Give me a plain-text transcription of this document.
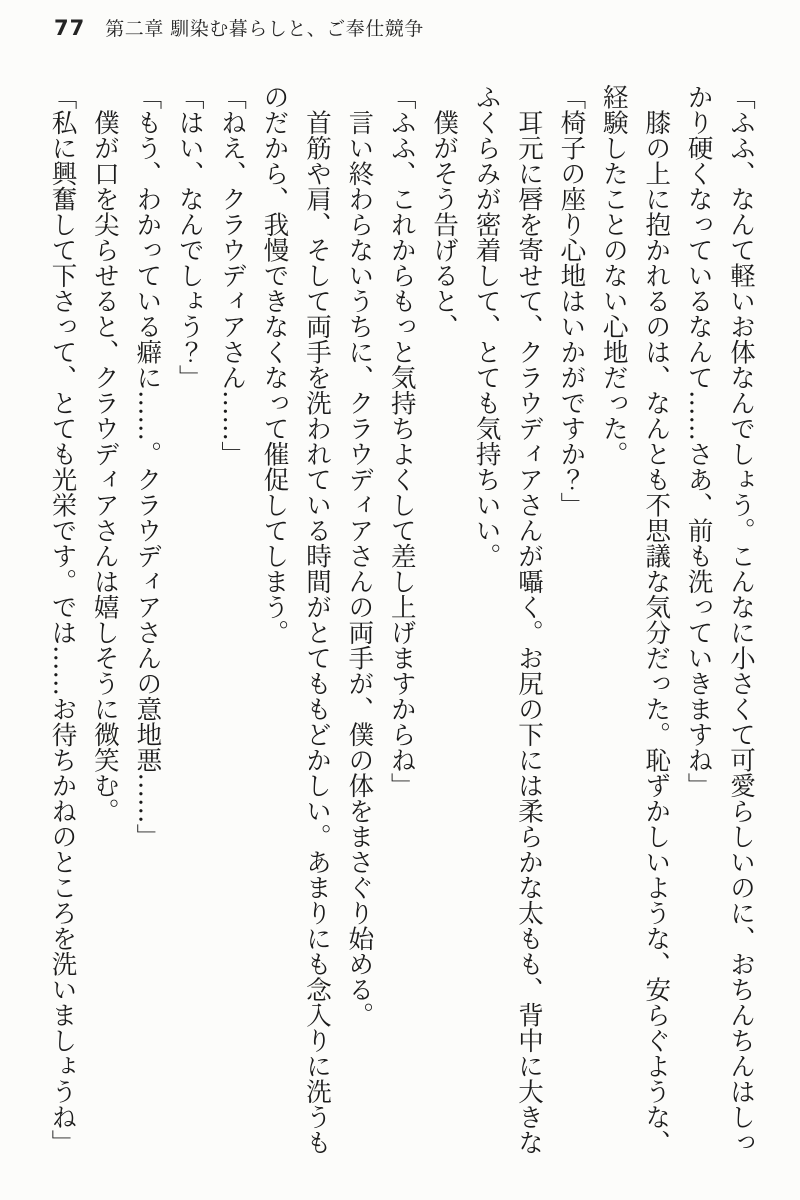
77 第二章 馴染む暮らしと、ご奉仕競争

「ふふ、なんて軽いお体なんでしょう。こんなに小さくて可愛らしいのに、おちんちんはしっかり硬くなっているなんて……さあ、前も洗っていきますね」

　膝の上に抱かれるのは、なんとも不思議な気分だった。恥ずかしいような、安らぐような、経験したことのない心地だった。

「椅子の座り心地はいかがですか？」

　耳元に唇を寄せて、クラウディアさんが囁く。お尻の下には柔らかな太もも、背中に大きなふくらみが密着して、とても気持ちいい。

　僕がそう告げると、

「ふふ、これからもっと気持ちよくして差し上げますからね」

　言い終わらないうちに、クラウディアさんの両手が、僕の体をまさぐり始める。

　首筋や肩、そして両手を洗われている時間がとてももどかしい。あまりにも念入りに洗うものだから、我慢できなくなって催促してしまう。

「ねえ、クラウディアさん……」

「はい、なんでしょう？」

「もう、わかっている癖に……。クラウディアさんの意地悪……」

　僕が口を尖らせると、クラウディアさんは嬉しそうに微笑む。

「私に興奮して下さって、とても光栄です。では……お待ちかねのところを洗いましょうね」
